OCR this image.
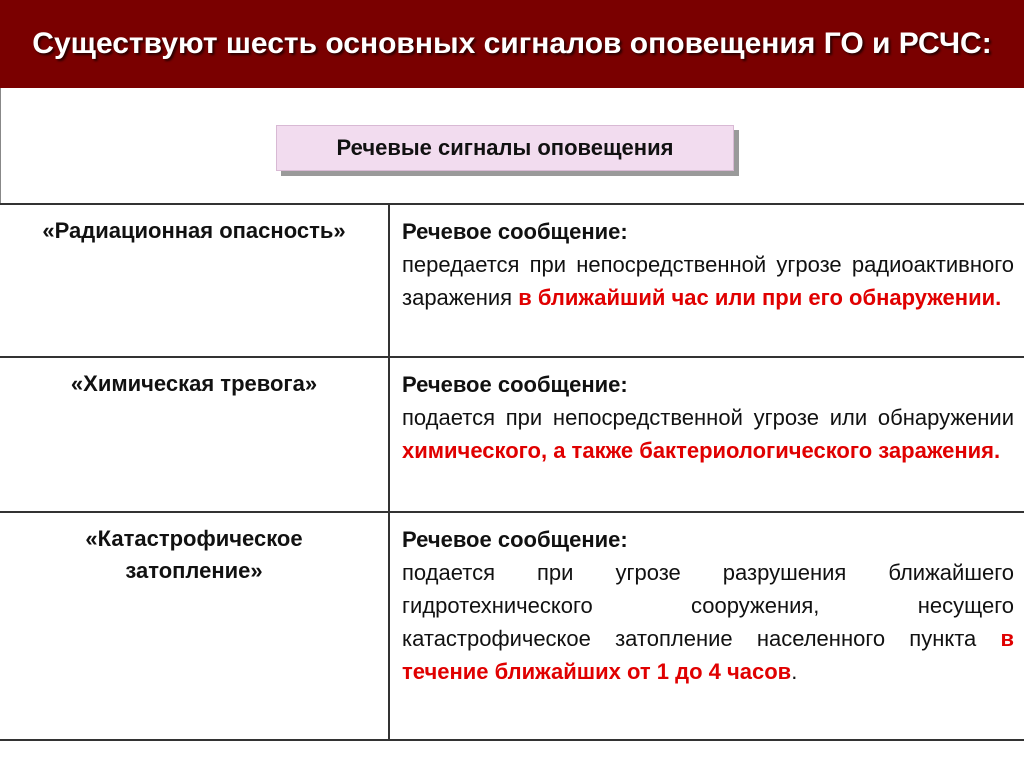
Существуют шесть основных сигналов оповещения ГО и РСЧС:
Речевые сигналы оповещения
«Радиационная опасность»	Речевое сообщение:
передается при непосредственной угрозе радиоактивного заражения в ближайший час или при его обнаружении.
«Химическая тревога»	Речевое сообщение:
подается при непосредственной угрозе или обнаружении химического, а также бактериологического заражения.
«Катастрофическое затопление»
Речевое сообщение:
подается при угрозе разрушения ближайшего гидротехнического сооружения, несущего катастрофическое затопление населенного пункта в течение ближайших от 1 до 4 часов.
